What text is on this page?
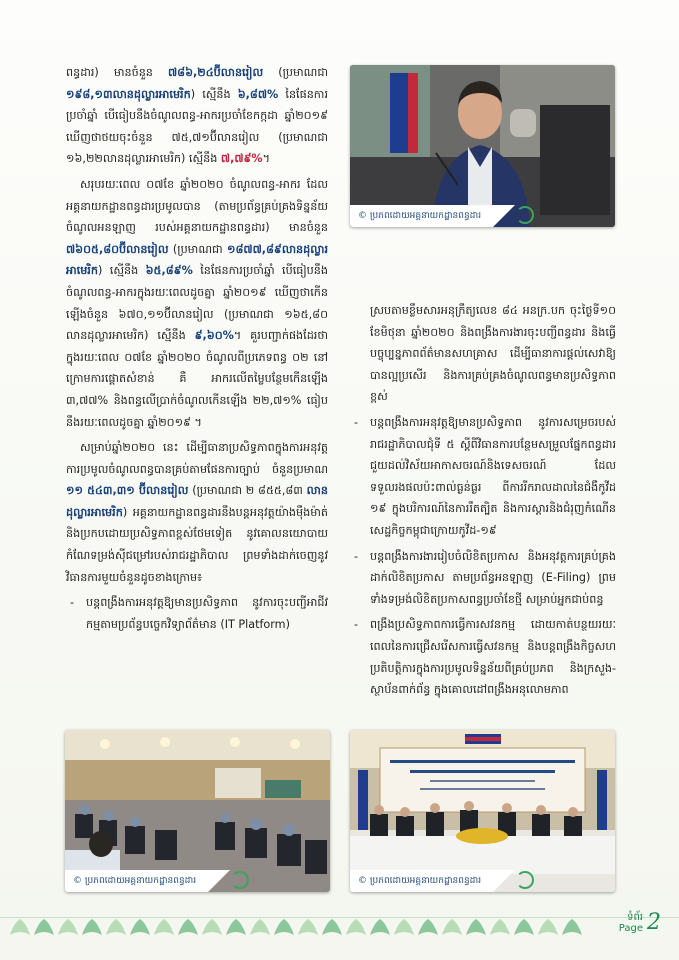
ពន្ធដារ) មានចំនួន ៧៨៦,២៤ប៊ីលានរៀល (ប្រមាណជា ១៩៨,១៣លានដុល្លារអាមេរិក) ស្មើនឹង ៦,៨៧% នៃផែនការប្រចាំឆ្នាំ បើធៀបនឹងចំណូលពន្ធ-អាករប្រចាំខែកក្កដា ឆ្នាំ២០១៩ ឃើញថាថយចុះចំនួន ៧៥,៧១ប៊ីលានរៀល (ប្រមាណជា ១៦,២២លានដុល្លារអាមេរិក) ស្មើនឹង ៧,៧៩%។

សរុបរយៈពេល ០៧ខែ ឆ្នាំ២០២០ ចំណូលពន្ធ-អាករ ដែលអគ្គនាយកដ្ឋានពន្ធដារប្រមូលបាន (តាមប្រព័ន្ធគ្រប់គ្រងទិន្នន័យចំណូលអនឡាញ របស់អគ្គនាយកដ្ឋានពន្ធដារ) មានចំនួន ៧៦០៥,៨០ប៊ីលានរៀល (ប្រមាណជា ១៨៧៧,៨៩លានដុល្លារអាមេរិក) ស្មើនឹង ៦៥,៨៩% នៃផែនការប្រចាំឆ្នាំ បើធៀបនឹងចំណូលពន្ធ-អាករក្នុងរយៈពេលដូចគ្នា ឆ្នាំ២០១៩ ឃើញថាកើនឡើងចំនួន ៦៧០,១១ប៊ីលានរៀល (ប្រមាណជា ១៦៥,៨០ លានដុល្លារអាមេរិក) ស្មើនឹង ៩,៦០%។ គួរបញ្ជាក់ផងដែរថា ក្នុងរយៈពេល ០៧ខែ ឆ្នាំ២០២០ ចំណូលពីប្រភេទពន្ធ ០២ នៅក្រោមការផ្តោតសំខាន់ គឺ អាករលើតម្លៃបន្ថែមកើនឡើង ៣,៧៧% និងពន្ធលើប្រាក់ចំណូលកើនឡើង ២២,៧១% ធៀបនឹងរយៈពេលដូចគ្នា ឆ្នាំ២០១៩ ។

សម្រាប់ឆ្នាំ២០២០ នេះ ដើម្បីធានាប្រសិទ្ធភាពក្នុងការអនុវត្តការប្រមូលចំណូលពន្ធបានគ្រប់តាមផែនការច្បាប់ ចំនួនប្រមាណ ១១ ៥៤៣,៣១ ប៊ីលានរៀល (ប្រមាណជា ២ ៨៥៥,៨៣ លានដុល្លារអាមេរិក) អគ្គនាយកដ្ឋានពន្ធដារនឹងបន្តអនុវត្តយ៉ាងម៉ឺងម៉ាត់ និងប្រកបដោយប្រសិទ្ធភាពខ្ពស់ថែមទៀត នូវគោលនយោបាយកំណែទម្រង់ស៊ីជម្រៅរបស់រាជរដ្ឋាភិបាល ព្រមទាំងដាក់ចេញនូវវិធានការមួយចំនួនដូចខាងក្រោម៖

- បន្តពង្រឹងការអនុវត្តឱ្យមានប្រសិទ្ធភាព នូវការចុះបញ្ជីអាជីវកម្មតាមប្រព័ន្ធបច្ចេកវិទ្យាព័ត៌មាន (IT Platform)
ស្របតាមខ្លឹមសារអនុក្រឹត្យលេខ ៨៤ អនក្រ.បក ចុះថ្ងៃទី១០ ខែមិថុនា ឆ្នាំ២០២០ និងពង្រឹងការងារចុះបញ្ជីពន្ធដារ និងធ្វើបច្ចុប្បន្នភាពព័ត៌មានសហគ្រាស ដើម្បីធានាការផ្តល់សេវាឱ្យបានល្អប្រសើរ និងការគ្រប់គ្រងចំណូលពន្ធមានប្រសិទ្ធភាពខ្ពស់
- បន្តពង្រឹងការអនុវត្តឱ្យមានប្រសិទ្ធភាព នូវការសម្រេចរបស់រាជរដ្ឋាភិបាលជុំទី ៥ ស្តីពីវិធានការបន្ថែមសម្រួលផ្នែកពន្ធដារ ជួយដល់វិស័យអាកាសចរណ៍និងទេសចរណ៍ ដែលទទួលរងផលប៉ះពាល់ធ្ងន់ធ្ងរ ពីការរីករាលដាលនៃជំងឺកូវីដ ១៩ ក្នុងបរិការណ៍នៃការរឹតត្បិត និងការស្តារនិងជំរុញកំណើនសេដ្ឋកិច្ចកម្ពុជាក្រោយកូវីដ-១៩
- បន្តពង្រឹងការងាររៀបចំលិខិតប្រកាស និងអនុវត្តការគ្រប់គ្រងដាក់លិខិតប្រកាស តាមប្រព័ន្ធអនឡាញ (E-Filing) ព្រមទាំងទម្រង់លិខិតប្រកាសពន្ធប្រចាំខែថ្មី សម្រាប់អ្នកជាប់ពន្ធ
- ពង្រឹងប្រសិទ្ធភាពការធ្វើការសវនកម្ម ដោយកាត់បន្ថយរយៈពេលនៃការជ្រើសរើសការធ្វើសវនកម្ម និងបន្តពង្រឹងកិច្ចសហប្រតិបត្តិការក្នុងការប្រមូលទិន្នន័យពីគ្រប់ប្រភព និងក្រសួង-ស្ថាប័នពាក់ព័ន្ធ ក្នុងគោលដៅពង្រឹងអនុលោមភាព
© ប្រភពដោយអគ្គនាយកដ្ឋានពន្ធដារ
© ប្រភពដោយអគ្គនាយកដ្ឋានពន្ធដារ	© ប្រភពដោយអគ្គនាយកដ្ឋានពន្ធដារ
ទំព័រ
Page 2
